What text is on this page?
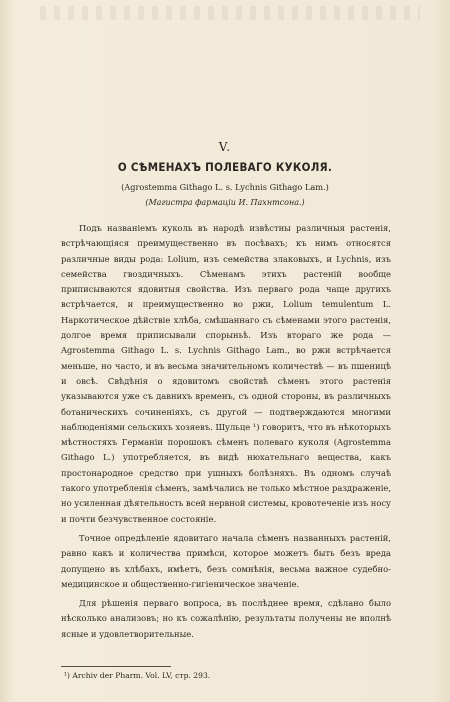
V.
О СѢМЕНАХЪ ПОЛЕВАГО КУКОЛЯ.
(Agrostemma Githago L. s. Lychnis Githago Lam.)
(Магистра фармаціи И. Пахнтсона.)

Подъ названіемъ куколь въ народѣ извѣстны различныя растенія, встрѣчающіяся преимущественно въ посѣвахъ; къ нимъ относятся различные виды рода: Lolium, изъ семейства злаковыхъ, и Lychnis, изъ семейства гвоздичныхъ. Сѣменамъ этихъ растеній вообще приписываются ядовитыя свойства. Изъ перваго рода чаще другихъ встрѣчается, и преимущественно во ржи, Lolium temulentum L. Наркотическое дѣйствіе хлѣба, смѣшаннаго съ сѣменами этого растенія, долгое время приписывали спорыньѣ. Изъ втораго же рода — Agrostemma Githago L. s. Lychnis Githago Lam., во ржи встрѣчается меньше, но часто, и въ весьма значительномъ количествѣ — въ пшеницѣ и овсѣ. Свѣдѣнія о ядовитомъ свойствѣ сѣменъ этого растенія указываются уже съ давнихъ временъ, съ одной стороны, въ различныхъ ботаническихъ сочиненіяхъ, съ другой — подтверждаются многими наблюденіями сельскихъ хозяевъ. Шульце ¹) говоритъ, что въ нѣкоторыхъ мѣстностяхъ Германіи порошокъ сѣменъ полеваго куколя (Agrostemma Githago L.) употребляется, въ видѣ нюхательнаго вещества, какъ простонародное средство при ушныхъ болѣзняхъ. Въ одномъ случаѣ такого употребленія сѣменъ, замѣчались не только мѣстное раздраженіе, но усиленная дѣятельность всей нервной системы, кровотеченіе изъ носу и почти безчувственное состояніе.

Точное опредѣленіе ядовитаго начала сѣменъ названныхъ растеній, равно какъ и количества примѣси, которое можетъ быть безъ вреда допущено въ хлѣбахъ, имѣетъ, безъ сомнѣнія, весьма важное судебно-медицинское и общественно-гигіеническое значеніе.

Для рѣшенія перваго вопроса, въ послѣднее время, сдѣлано было нѣсколько анализовъ; но къ сожалѣнію, результаты получены не вполнѣ ясные и удовлетворительные.

¹) Archiv der Pharm. Vol. LV, стр. 293.
